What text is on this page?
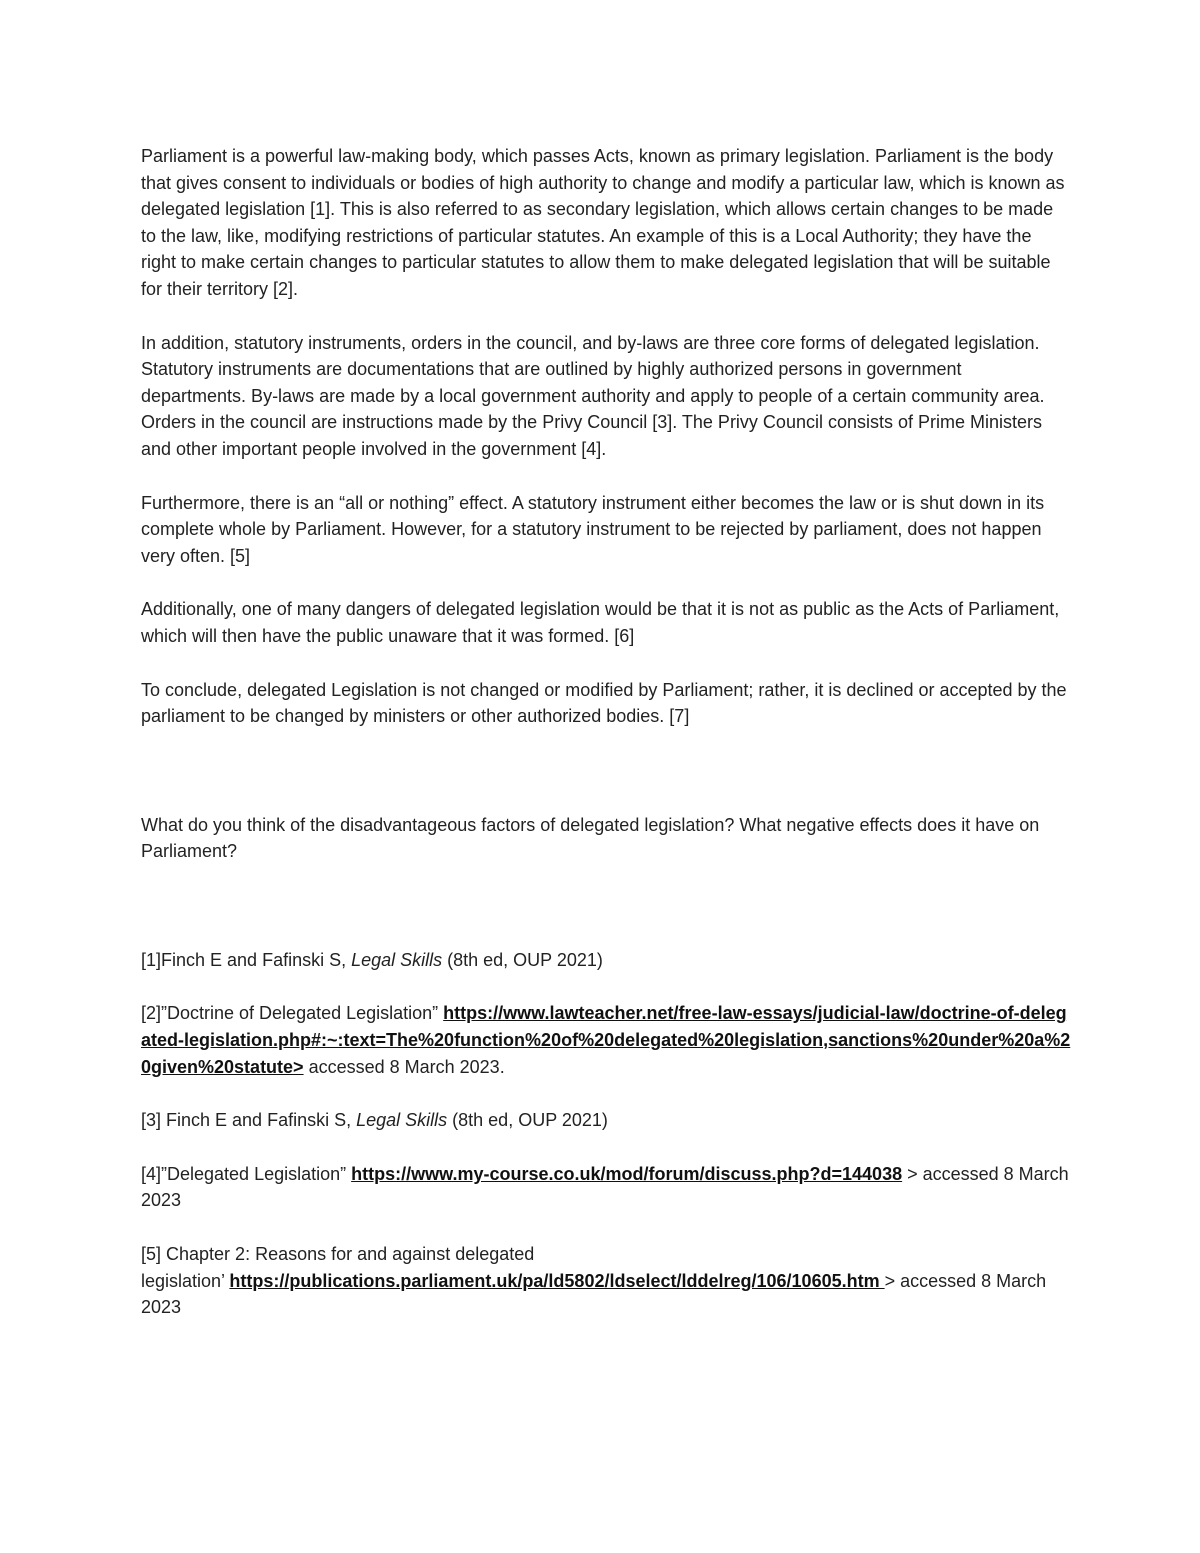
Parliament is a powerful law-making body, which passes Acts, known as primary legislation. Parliament is the body that gives consent to individuals or bodies of high authority to change and modify a particular law, which is known as delegated legislation [1]. This is also referred to as secondary legislation, which allows certain changes to be made to the law, like, modifying restrictions of particular statutes. An example of this is a Local Authority; they have the right to make certain changes to particular statutes to allow them to make delegated legislation that will be suitable for their territory [2].

In addition, statutory instruments, orders in the council, and by-laws are three core forms of delegated legislation. Statutory instruments are documentations that are outlined by highly authorized persons in government departments. By-laws are made by a local government authority and apply to people of a certain community area. Orders in the council are instructions made by the Privy Council [3]. The Privy Council consists of Prime Ministers and other important people involved in the government [4].

Furthermore, there is an “all or nothing” effect. A statutory instrument either becomes the law or is shut down in its complete whole by Parliament. However, for a statutory instrument to be rejected by parliament, does not happen very often. [5]

Additionally, one of many dangers of delegated legislation would be that it is not as public as the Acts of Parliament, which will then have the public unaware that it was formed. [6]

To conclude, delegated Legislation is not changed or modified by Parliament; rather, it is declined or accepted by the parliament to be changed by ministers or other authorized bodies. [7]

What do you think of the disadvantageous factors of delegated legislation? What negative effects does it have on Parliament?

[1]Finch E and Fafinski S, Legal Skills (8th ed, OUP 2021)

[2]”Doctrine of Delegated Legislation” https://www.lawteacher.net/free-law-essays/judicial-law/doctrine-of-delegated-legislation.php#:~:text=The%20function%20of%20delegated%20legislation,sanctions%20under%20a%20given%20statute> accessed 8 March 2023.

[3] Finch E and Fafinski S, Legal Skills (8th ed, OUP 2021)

[4]”Delegated Legislation” https://www.my-course.co.uk/mod/forum/discuss.php?d=144038 > accessed 8 March 2023

[5] Chapter 2: Reasons for and against delegated
legislation’ https://publications.parliament.uk/pa/ld5802/ldselect/lddelreg/106/10605.htm > accessed 8 March 2023
